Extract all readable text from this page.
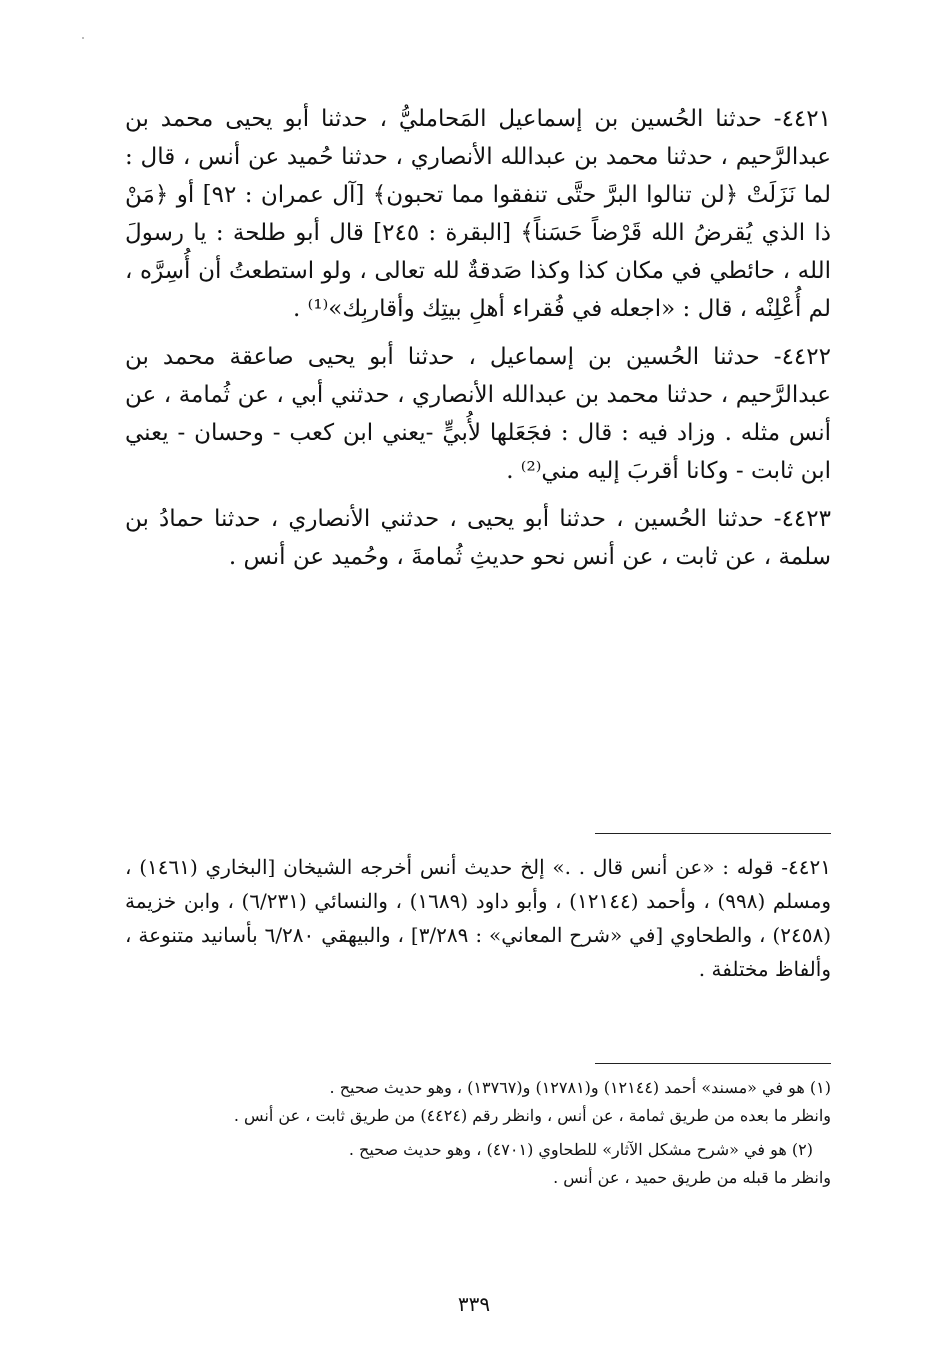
٤٤٢١- حدثنا الحُسين بن إسماعيل المَحامليُّ ، حدثنا أبو يحيى محمد بن عبدالرَّحيم ، حدثنا محمد بن عبدالله الأنصاري ، حدثنا حُميد عن أنس ، قال : لما نَزَلَتْ ﴿لن تنالوا البرَّ حتَّى تنفقوا مما تحبون﴾ [آل عمران : ٩٢] أو ﴿مَنْ ذا الذي يُقرضُ الله قَرْضاً حَسَناً﴾ [البقرة : ٢٤٥] قال أبو طلحة : يا رسولَ الله ، حائطي في مكان كذا وكذا صَدقةٌ لله تعالى ، ولو استطعتُ أن أُسِرَّه ، لم أُعْلِنْه ، قال : «اجعله في فُقراء أهلِ بيتِك وأقاربِك»⁽¹⁾ .

٤٤٢٢- حدثنا الحُسين بن إسماعيل ، حدثنا أبو يحيى صاعقة محمد بن عبدالرَّحيم ، حدثنا محمد بن عبدالله الأنصاري ، حدثني أبي ، عن ثُمامة ، عن أنس مثله . وزاد فيه : قال : فجَعَلها لأُبيٍّ -يعني ابن كعب - وحسان - يعني ابن ثابت - وكانا أقربَ إليه مني⁽²⁾ .

٤٤٢٣- حدثنا الحُسين ، حدثنا أبو يحيى ، حدثني الأنصاري ، حدثنا حمادُ بن سلمة ، عن ثابت ، عن أنس نحو حديثِ ثُمامةَ ، وحُميد عن أنس .

٤٤٢١- قوله : «عن أنس قال . .» إلخ حديث أنس أخرجه الشيخان [البخاري (١٤٦١) ، ومسلم (٩٩٨) ، وأحمد (١٢١٤٤) ، وأبو داود (١٦٨٩) ، والنسائي (٦/٢٣١) ، وابن خزيمة (٢٤٥٨) ، والطحاوي [في «شرح المعاني» : ٣/٢٨٩] ، والبيهقي ٦/٢٨٠ بأسانيد متنوعة ، وألفاظ مختلفة .

(١) هو في «مسند» أحمد (١٢١٤٤) و(١٢٧٨١) و(١٣٧٦٧) ، وهو حديث صحيح .

وانظر ما بعده من طريق ثمامة ، عن أنس ، وانظر رقم (٤٤٢٤) من طريق ثابت ، عن أنس .

(٢) هو في «شرح مشكل الآثار» للطحاوي (٤٧٠١) ، وهو حديث صحيح .

وانظر ما قبله من طريق حميد ، عن أنس .

٣٣٩
